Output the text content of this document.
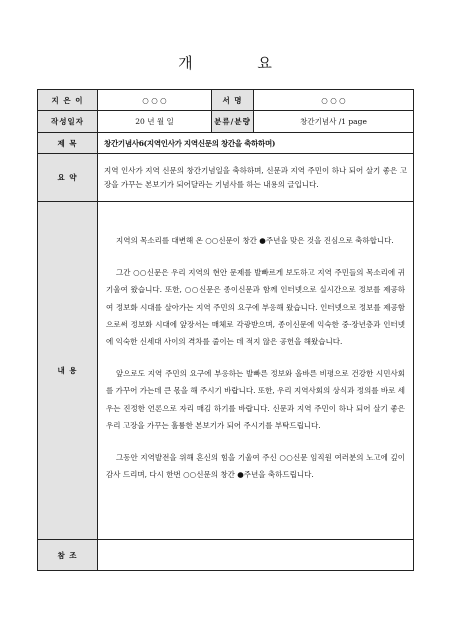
개 요
지 은 이	○ ○ ○	서 명	○ ○ ○
작성일자	20 년 월 일	분류/분량	창간기념사 /1 page
제 목	창간기념사6(지역인사가 지역신문의 창간을 축하하며)		
요 약	지역 인사가 지역 신문의 창간기념일을 축하하며, 신문과 지역 주민이 하나 되어 살기 좋은 고장을 가꾸는 본보기가 되어달라는 기념사를 하는 내용의 글입니다.		
내 용	지역의 목소리를 대변해 온 ○○신문이 창간 ●주년을 맞은 것을 진심으로 축하합니다.

그간 ○○신문은 우리 지역의 현안 문제를 발빠르게 보도하고 지역 주민들의 목소리에 귀 기울여 왔습니다. 또한, ○○신문은 종이신문과 함께 인터넷으로 실시간으로 정보를 제공하여 정보화 시대를 살아가는 지역 주민의 요구에 부응해 왔습니다. 인터넷으로 정보를 제공함으로써 정보화 시대에 앞장서는 매체로 각광받으며, 종이신문에 익숙한 중·장년층과 인터넷에 익숙한 신세대 사이의 격차를 줄이는 데 적지 않은 공헌을 해왔습니다.

앞으로도 지역 주민의 요구에 부응하는 발빠른 정보와 올바른 비평으로 건강한 시민사회를 가꾸어 가는데 큰 몫을 해 주시기 바랍니다. 또한, 우리 지역사회의 상식과 정의를 바로 세우는 진정한 언론으로 자리 매김 하기를 바랍니다. 신문과 지역 주민이 하나 되어 살기 좋은 우리 고장을 가꾸는 훌륭한 본보기가 되어 주시기를 부탁드립니다.

그동안 지역발전을 위해 혼신의 힘을 기울여 주신 ○○신문 임직원 여러분의 노고에 깊이 감사 드리며, 다시 한번 ○○신문의 창간 ●주년을 축하드립니다.		

참 조			
